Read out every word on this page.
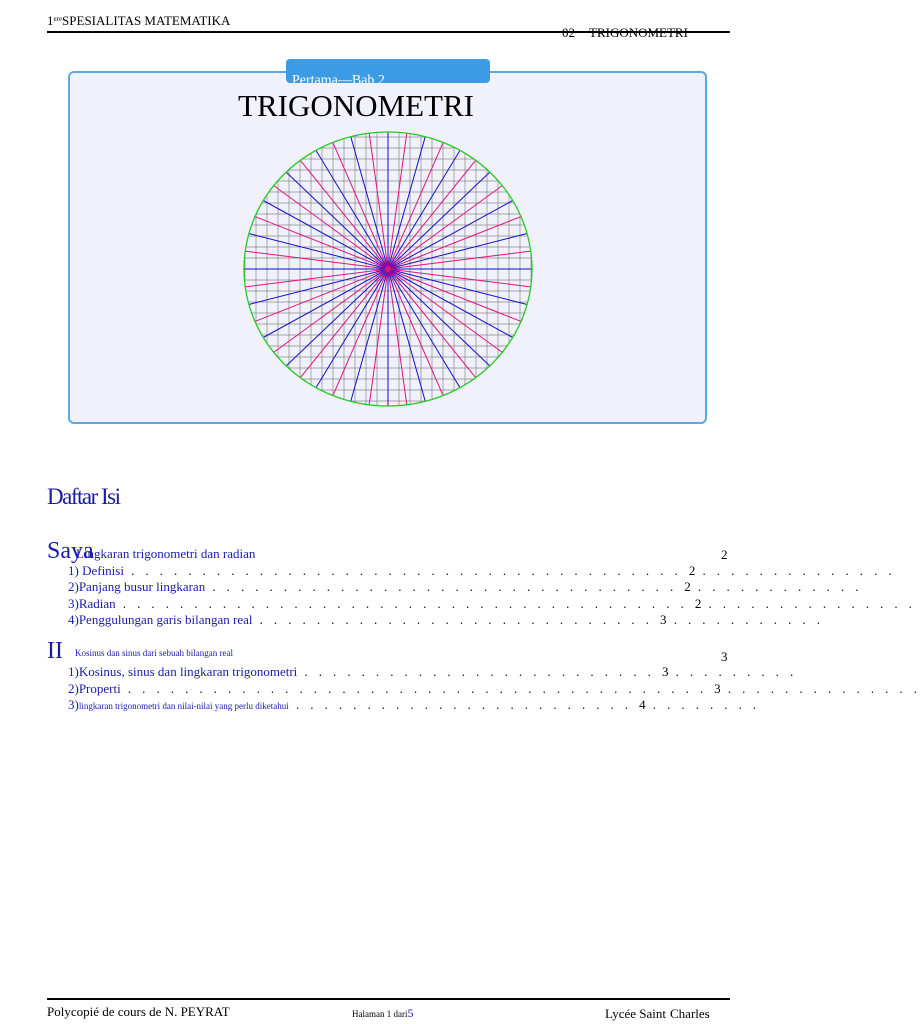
1ereSPESIALITAS MATEMATIKA
Pertama—Bab 2
TRIGONOMETRI
Daftar Isi
Saya
Lingkaran trigonometri dan radian	2
1) Definisi . . . . . . . . . . . . . . . . . . . . . . . . . . . . . . . . . . . . . . . 2 . . . . . . . . . . . . . .
2)Panjang busur lingkaran . . . . . . . . . . . . . . . . . . . . . . . . . . . . . . . . . 2 . . . . . . . . . . . .
3)Radian . . . . . . . . . . . . . . . . . . . . . . . . . . . . . . . . . . . . . . . . 2 . . . . . . . . . . . . . . .
4)Penggulungan garis bilangan real . . . . . . . . . . . . . . . . . . . . . . . . . . . . 3 . . . . . . . . . . .
II Kosinus dan sinus dari sebuah bilangan real	3
1)Kosinus, sinus dan lingkaran trigonometri . . . . . . . . . . . . . . . . . . . . . . . . . 3 . . . . . . . . .
2)Properti . . . . . . . . . . . . . . . . . . . . . . . . . . . . . . . . . . . . . . . . . 3 . . . . . . . . . . . . . .
3)lingkaran trigonometri dan nilai-nilai yang perlu diketahui . . . . . . . . . . . . . . . . . . . . . . . . 4 . . . . . . . .
Polycopié de cours de N. PEYRAT	Halaman 1 dari5	Lycée Saint Charles
